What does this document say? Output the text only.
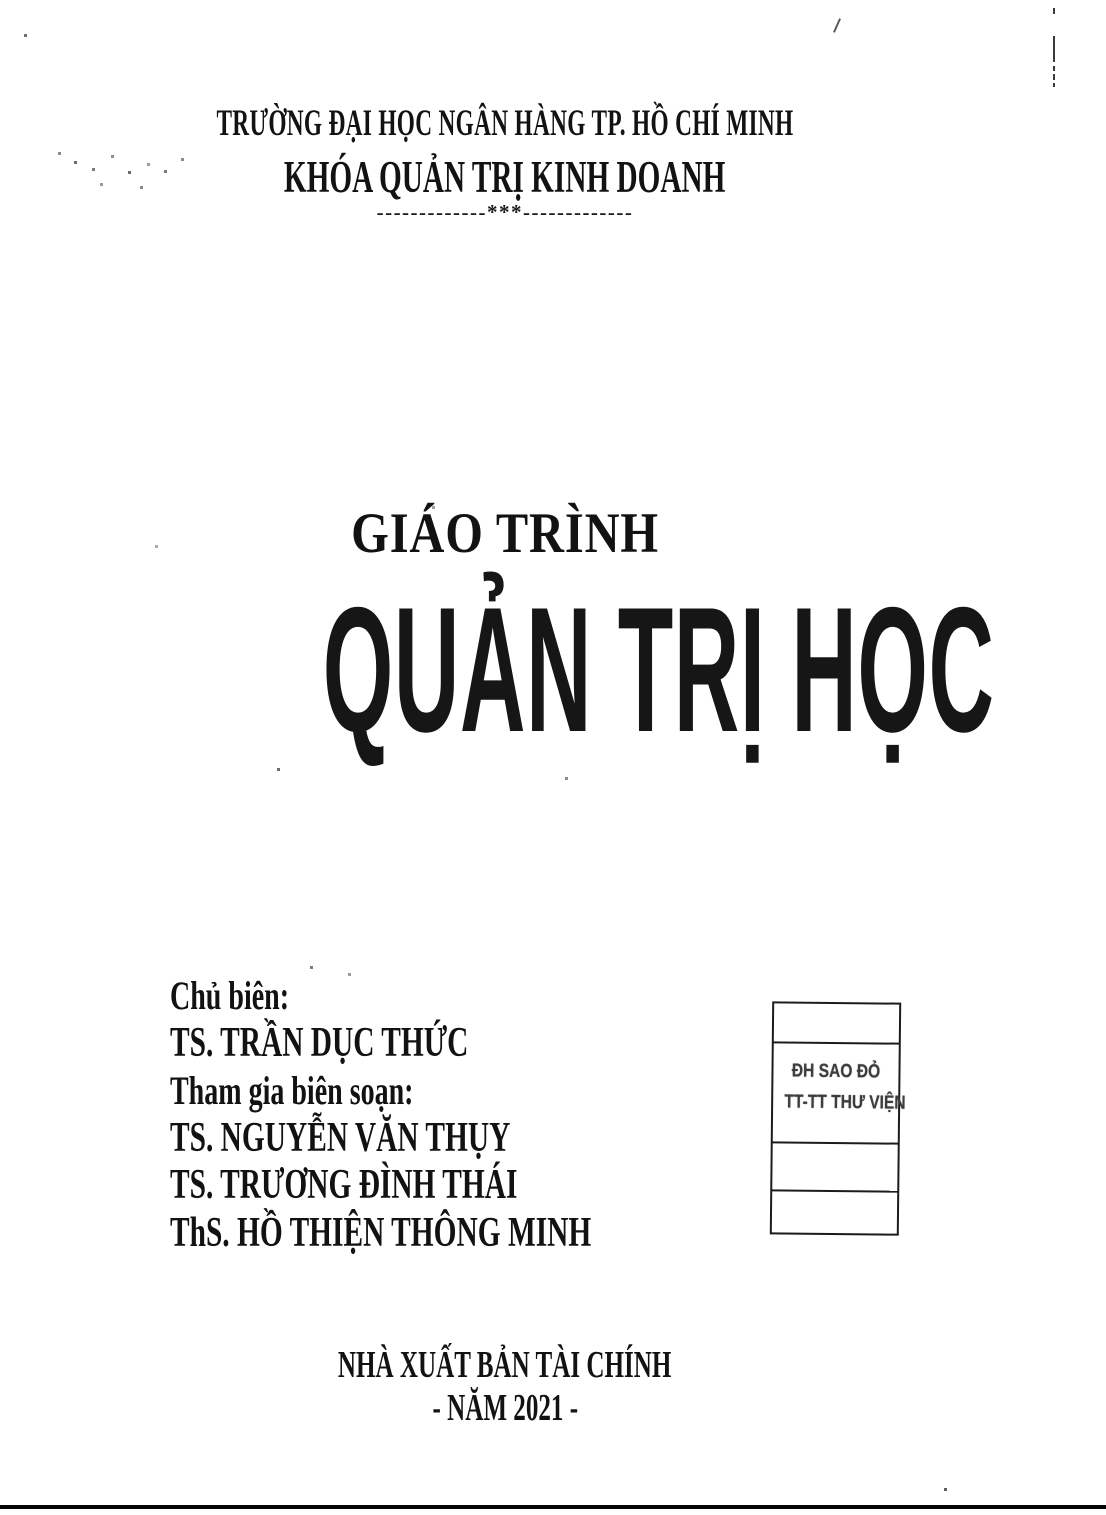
TRƯỜNG ĐẠI HỌC NGÂN HÀNG TP. HỒ CHÍ MINH
KHÓA QUẢN TRỊ KINH DOANH
-------------***-------------
GIÁO TRÌNH
QUẢN TRỊ HỌC
Chủ biên:
TS. TRẦN DỤC THỨC
Tham gia biên soạn:
TS. NGUYỄN VĂN THỤY
TS. TRƯƠNG ĐÌNH THÁI
ThS. HỒ THIỆN THÔNG MINH
ĐH SAO ĐỎ
TT-TT THƯ VIỆN
NHÀ XUẤT BẢN TÀI CHÍNH
- NĂM 2021 -
